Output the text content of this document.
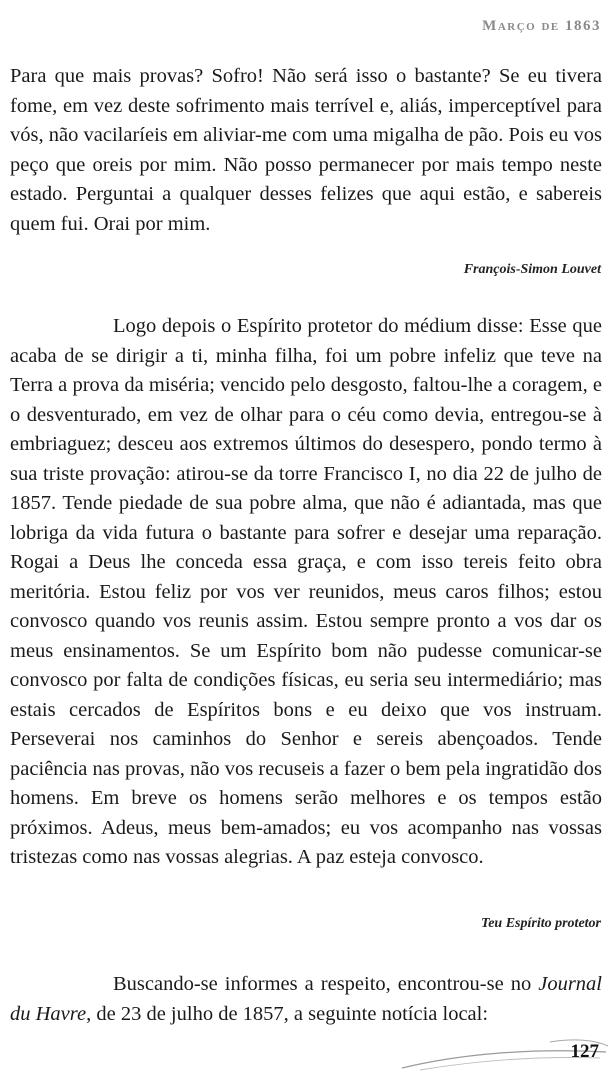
Março de 1863

Para que mais provas? Sofro! Não será isso o bastante? Se eu tivera fome, em vez deste sofrimento mais terrível e, aliás, imperceptível para vós, não vacilaríeis em aliviar-me com uma migalha de pão. Pois eu vos peço que oreis por mim. Não posso permanecer por mais tempo neste estado. Perguntai a qualquer desses felizes que aqui estão, e sabereis quem fui. Orai por mim.

François-Simon Louvet

Logo depois o Espírito protetor do médium disse: Esse que acaba de se dirigir a ti, minha filha, foi um pobre infeliz que teve na Terra a prova da miséria; vencido pelo desgosto, faltou-lhe a coragem, e o desventurado, em vez de olhar para o céu como devia, entregou-se à embriaguez; desceu aos extremos últimos do desespero, pondo termo à sua triste provação: atirou-se da torre Francisco I, no dia 22 de julho de 1857. Tende piedade de sua pobre alma, que não é adiantada, mas que lobriga da vida futura o bastante para sofrer e desejar uma reparação. Rogai a Deus lhe conceda essa graça, e com isso tereis feito obra meritória. Estou feliz por vos ver reunidos, meus caros filhos; estou convosco quando vos reunis assim. Estou sempre pronto a vos dar os meus ensinamentos. Se um Espírito bom não pudesse comunicar-se convosco por falta de condições físicas, eu seria seu intermediário; mas estais cercados de Espíritos bons e eu deixo que vos instruam. Perseverai nos caminhos do Senhor e sereis abençoados. Tende paciência nas provas, não vos recuseis a fazer o bem pela ingratidão dos homens. Em breve os homens serão melhores e os tempos estão próximos. Adeus, meus bem-amados; eu vos acompanho nas vossas tristezas como nas vossas alegrias. A paz esteja convosco.

Teu Espírito protetor

Buscando-se informes a respeito, encontrou-se no Journal du Havre, de 23 de julho de 1857, a seguinte notícia local:

127
